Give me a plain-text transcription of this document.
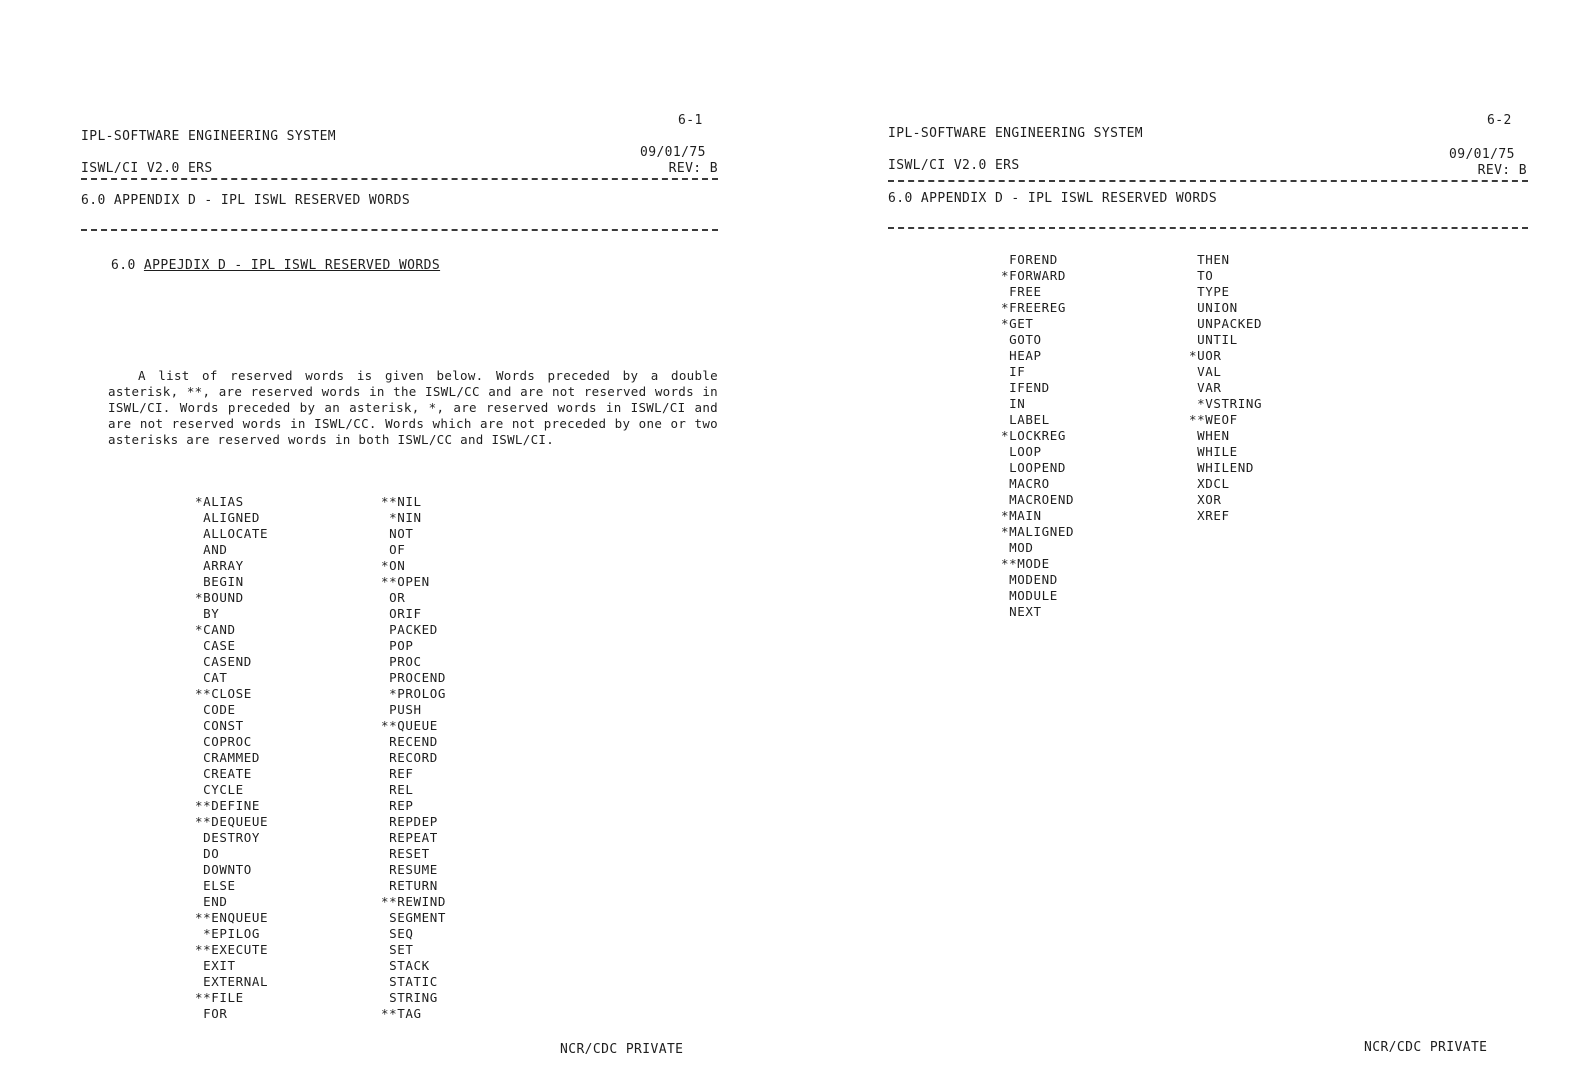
6-1
IPL-SOFTWARE ENGINEERING SYSTEM
09/01/75
ISWL/CI V2.0 ERS	REV: B
6.0 APPENDIX D - IPL ISWL RESERVED WORDS
6.0 APPEJDIX D - IPL ISWL RESERVED WORDS
A list of reserved words is given below. Words preceded by a double asterisk, **, are reserved words in the ISWL/CC and are not reserved words in ISWL/CI. Words preceded by an asterisk, *, are reserved words in ISWL/CI and are not reserved words in ISWL/CC. Words which are not preceded by one or two asterisks are reserved words in both ISWL/CC and ISWL/CI.
*ALIAS
ALIGNED
ALLOCATE
AND
ARRAY
BEGIN
*BOUND
BY
*CAND
CASE
CASEND
CAT
**CLOSE
CODE
CONST
COPROC
CRAMMED
CREATE
CYCLE
**DEFINE
**DEQUEUE
DESTROY
DO
DOWNTO
ELSE
END
**ENQUEUE
*EPILOG
**EXECUTE
EXIT
EXTERNAL
**FILE
FOR
**NIL
*NIN
NOT
OF
*ON
**OPEN
OR
ORIF
PACKED
POP
PROC
PROCEND
*PROLOG
PUSH
**QUEUE
RECEND
RECORD
REF
REL
REP
REPDEP
REPEAT
RESET
RESUME
RETURN
**REWIND
SEGMENT
SEQ
SET
STACK
STATIC
STRING
**TAG
NCR/CDC PRIVATE
6-2
IPL-SOFTWARE ENGINEERING SYSTEM
09/01/75
ISWL/CI V2.0 ERS	REV: B
6.0 APPENDIX D - IPL ISWL RESERVED WORDS
FOREND
*FORWARD
FREE
*FREEREG
*GET
GOTO
HEAP
IF
IFEND
IN
LABEL
*LOCKREG
LOOP
LOOPEND
MACRO
MACROEND
*MAIN
*MALIGNED
MOD
**MODE
MODEND
MODULE
NEXT
THEN
TO
TYPE
UNION
UNPACKED
UNTIL
*UOR
VAL
VAR
*VSTRING
**WEOF
WHEN
WHILE
WHILEND
XDCL
XOR
XREF
NCR/CDC PRIVATE
